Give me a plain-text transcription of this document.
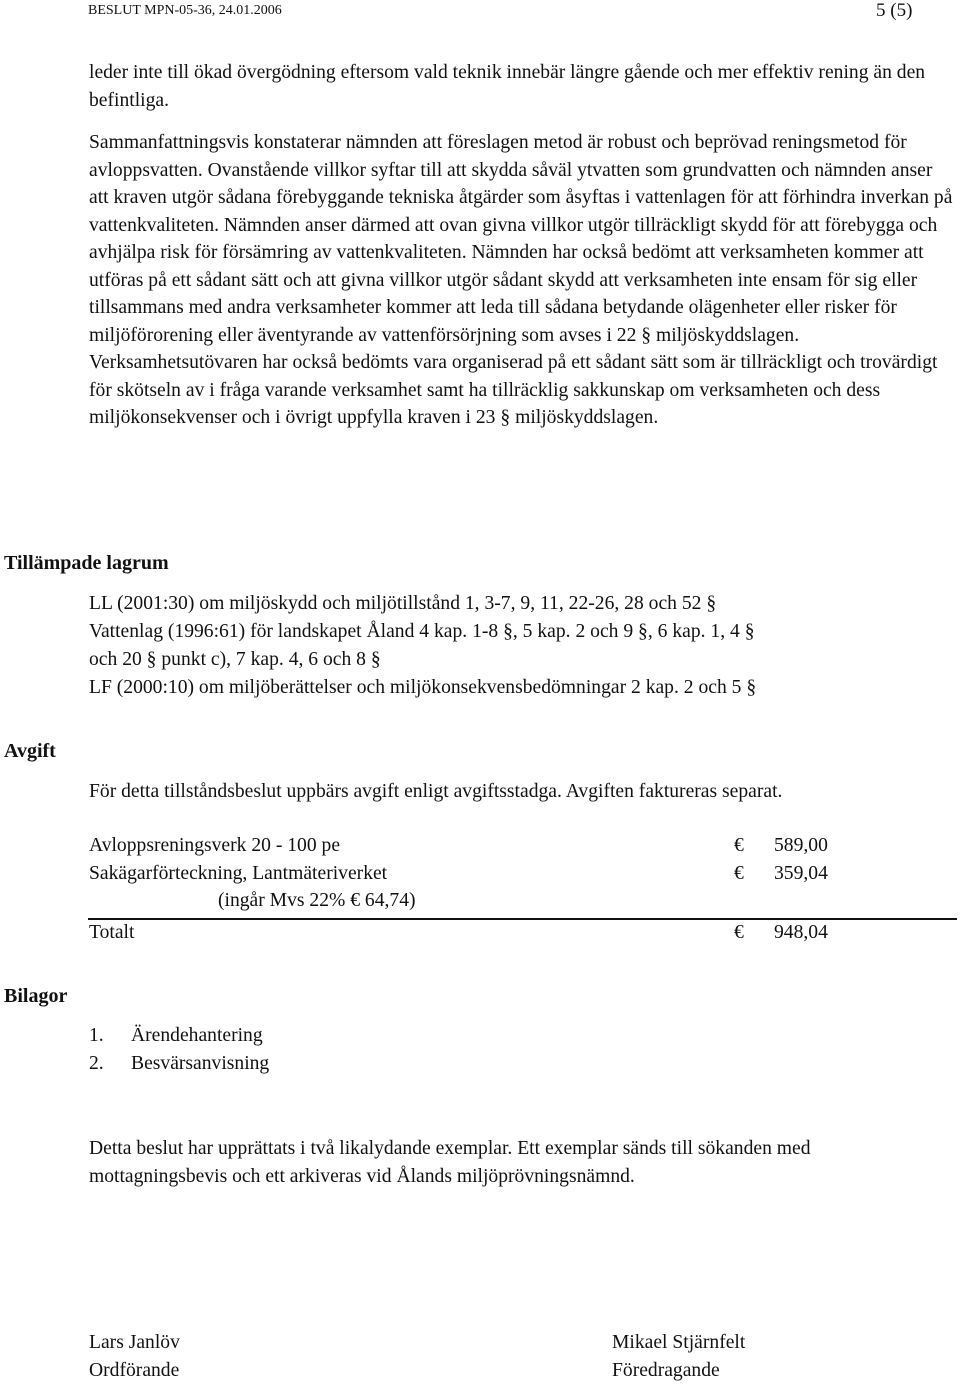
BESLUT MPN-05-36, 24.01.2006	5 (5)

leder inte till ökad övergödning eftersom vald teknik innebär längre gående och mer effektiv rening än den befintliga.

Sammanfattningsvis konstaterar nämnden att föreslagen metod är robust och beprövad reningsmetod för avloppsvatten. Ovanstående villkor syftar till att skydda såväl ytvatten som grundvatten och nämnden anser att kraven utgör sådana förebyggande tekniska åtgärder som åsyftas i vattenlagen för att förhindra inverkan på vattenkvaliteten. Nämnden anser därmed att ovan givna villkor utgör tillräckligt skydd för att förebygga och avhjälpa risk för försämring av vattenkvaliteten. Nämnden har också bedömt att verksamheten kommer att utföras på ett sådant sätt och att givna villkor utgör sådant skydd att verksamheten inte ensam för sig eller tillsammans med andra verksamheter kommer att leda till sådana betydande olägenheter eller risker för miljöförorening eller äventyrande av vattenförsörjning som avses i 22 § miljöskyddslagen. Verksamhetsutövaren har också bedömts vara organiserad på ett sådant sätt som är tillräckligt och trovärdigt för skötseln av i fråga varande verksamhet samt ha tillräcklig sakkunskap om verksamheten och dess miljökonsekvenser och i övrigt uppfylla kraven i 23 § miljöskyddslagen.

Tillämpade lagrum
LL (2001:30) om miljöskydd och miljötillstånd 1, 3-7, 9, 11, 22-26, 28 och 52 §
Vattenlag (1996:61) för landskapet Åland 4 kap. 1-8 §, 5 kap. 2 och 9 §, 6 kap. 1, 4 §
och 20 § punkt c), 7 kap. 4, 6 och 8 §
LF (2000:10) om miljöberättelser och miljökonsekvensbedömningar 2 kap. 2 och 5 §
Avgift
För detta tillståndsbeslut uppbärs avgift enligt avgiftsstadga. Avgiften faktureras separat.
Avloppsreningsverk 20 - 100 pe	€ 589,00
Sakägarförteckning, Lantmäteriverket	€ 359,04
(ingår Mvs 22% € 64,74)
Totalt	€ 948,04
Bilagor
1. Ärendehantering
2. Besvärsanvisning

Detta beslut har upprättats i två likalydande exemplar. Ett exemplar sänds till sökanden med mottagningsbevis och ett arkiveras vid Ålands miljöprövningsnämnd.

Lars Janlöv
Ordförande
Mikael Stjärnfelt
Föredragande
